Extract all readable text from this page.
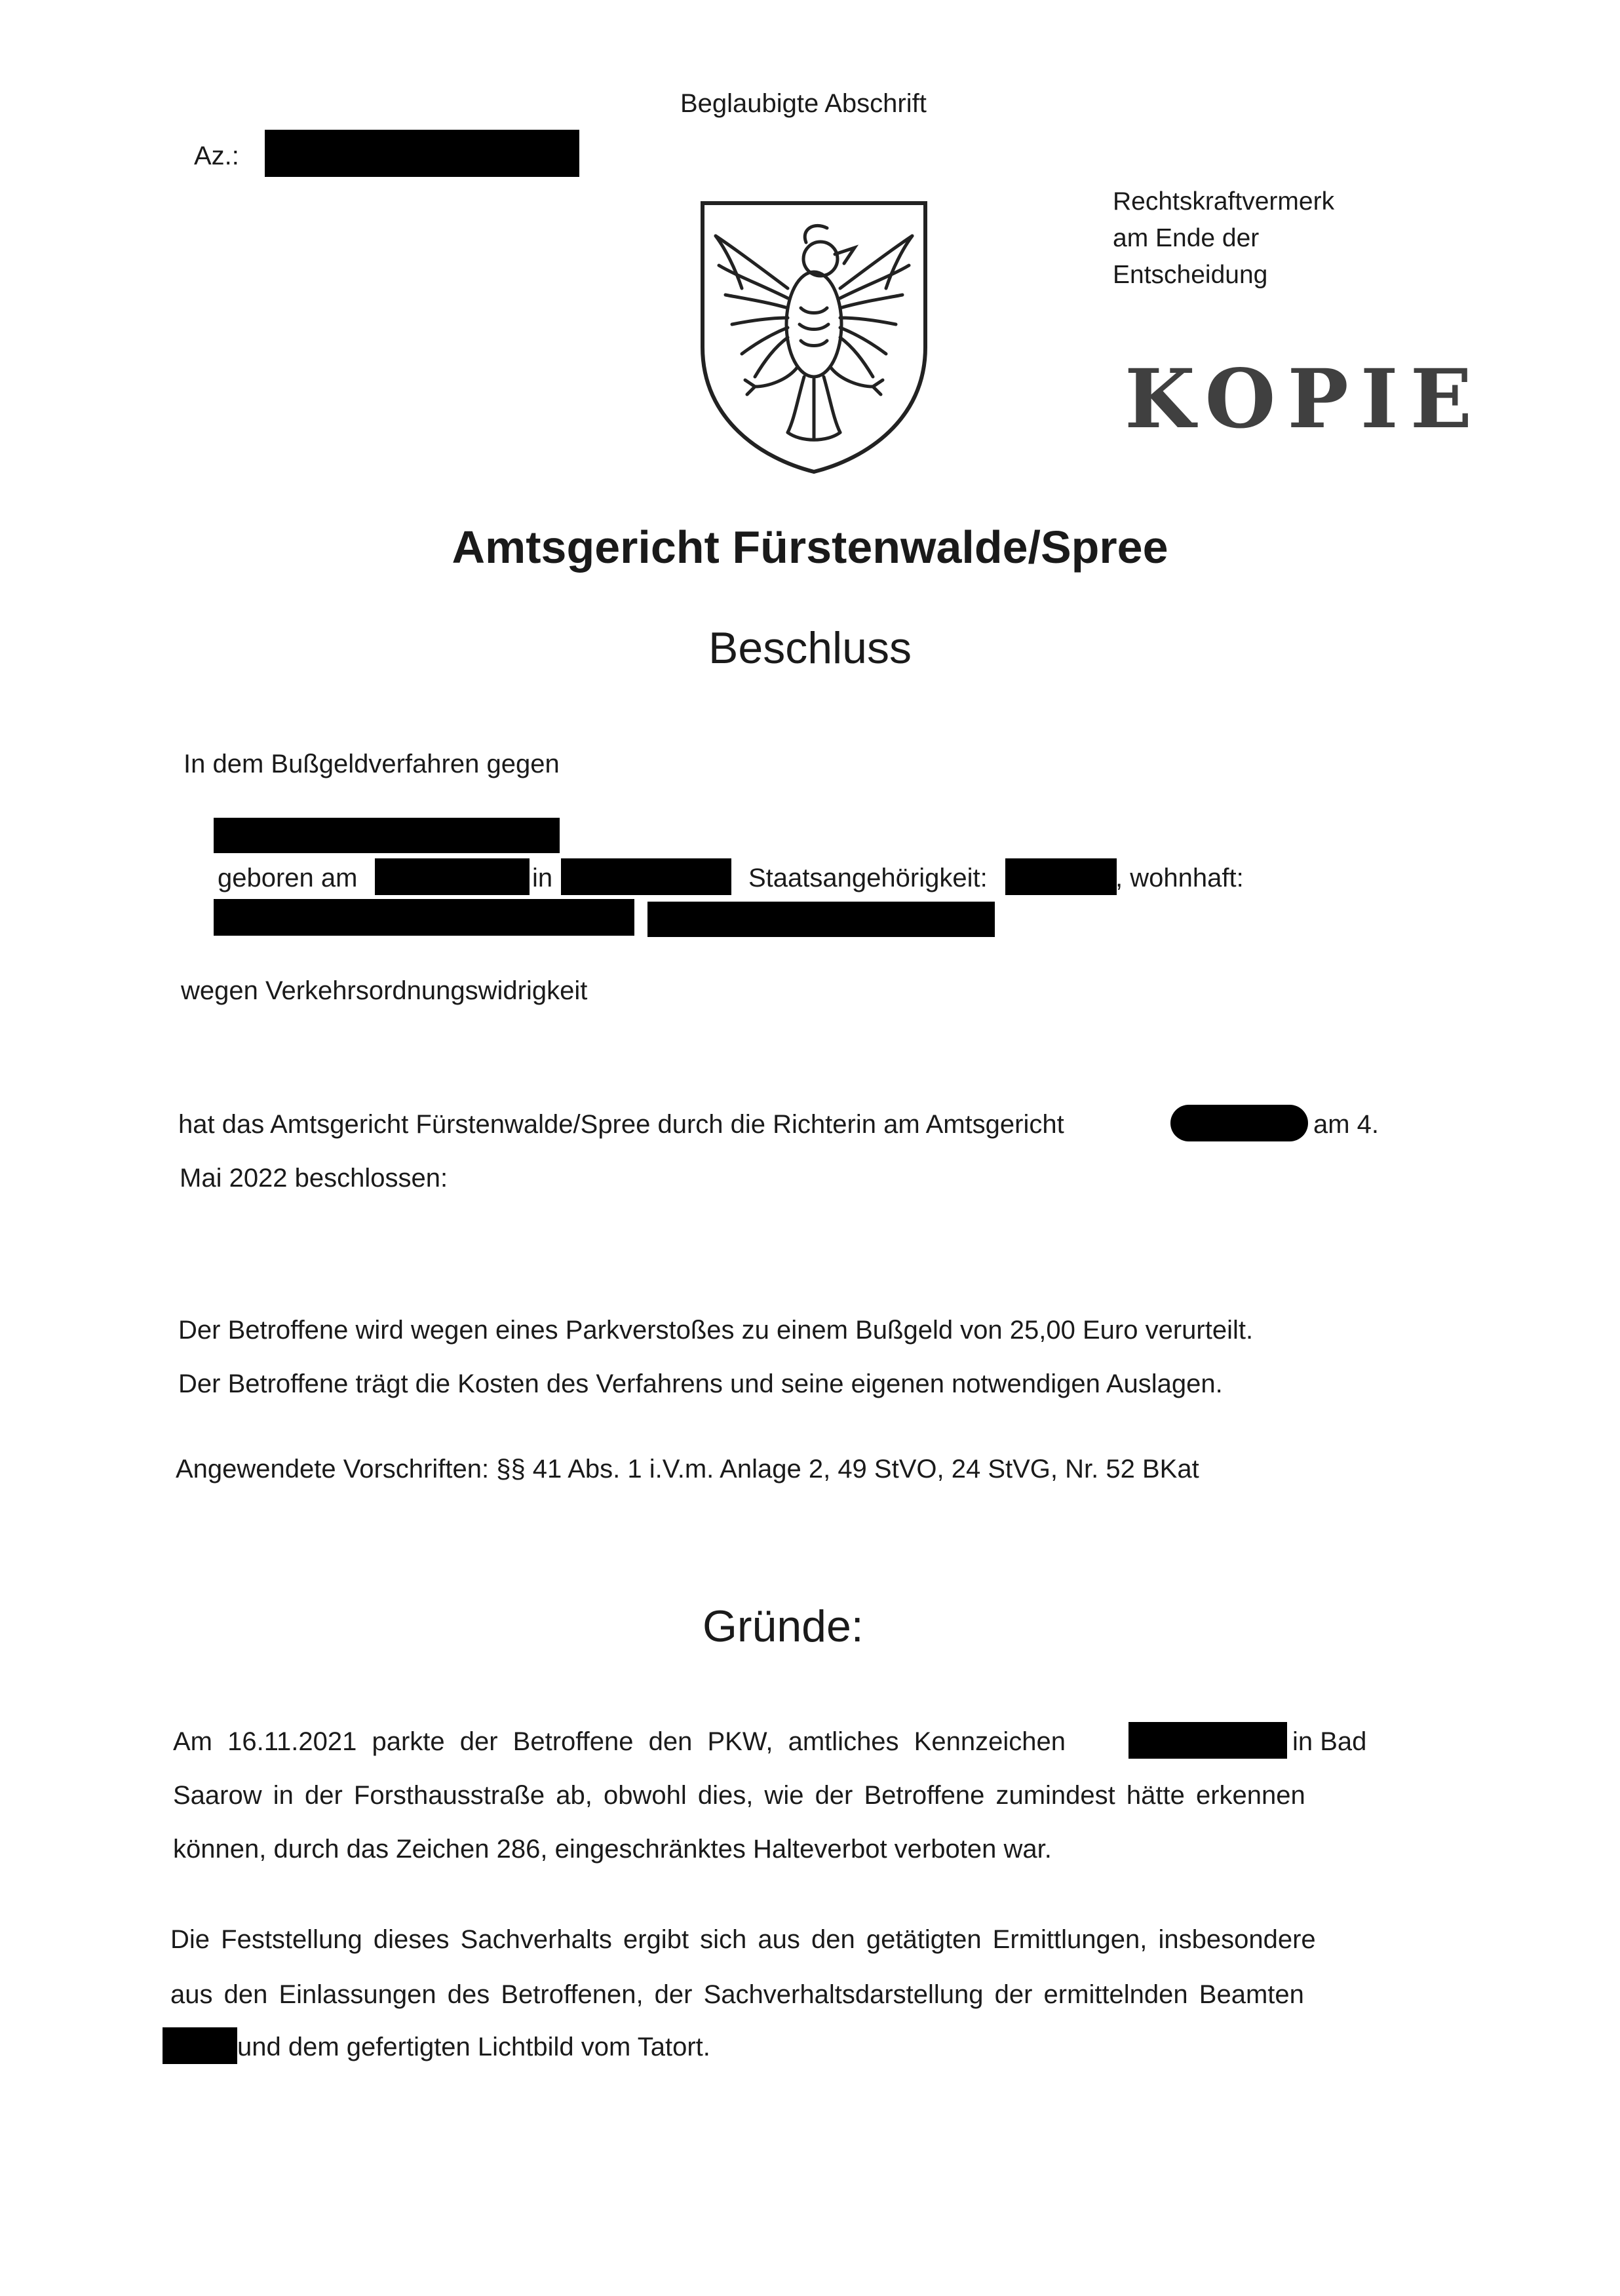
Beglaubigte Abschrift
Az.:
Rechtskraftvermerk
am Ende der
Entscheidung
KOPIE
Amtsgericht Fürstenwalde/Spree
Beschluss
In dem Bußgeldverfahren gegen
geboren am	in	Staatsangehörigkeit:	, wohnhaft:
wegen Verkehrsordnungswidrigkeit
hat das Amtsgericht Fürstenwalde/Spree durch die Richterin am Amtsgericht	am 4.
Mai 2022 beschlossen:
Der Betroffene wird wegen eines Parkverstoßes zu einem Bußgeld von 25,00 Euro verurteilt.
Der Betroffene trägt die Kosten des Verfahrens und seine eigenen notwendigen Auslagen.
Angewendete Vorschriften: §§ 41 Abs. 1 i.V.m. Anlage 2, 49 StVO, 24 StVG, Nr. 52 BKat
Gründe:
Am 16.11.2021 parkte der Betroffene den PKW, amtliches Kennzeichen	in Bad
Saarow in der Forsthausstraße ab, obwohl dies, wie der Betroffene zumindest hätte erkennen
können, durch das Zeichen 286, eingeschränktes Halteverbot verboten war.
Die Feststellung dieses Sachverhalts ergibt sich aus den getätigten Ermittlungen, insbesondere
aus den Einlassungen des Betroffenen, der Sachverhaltsdarstellung der ermittelnden Beamten
und dem gefertigten Lichtbild vom Tatort.
